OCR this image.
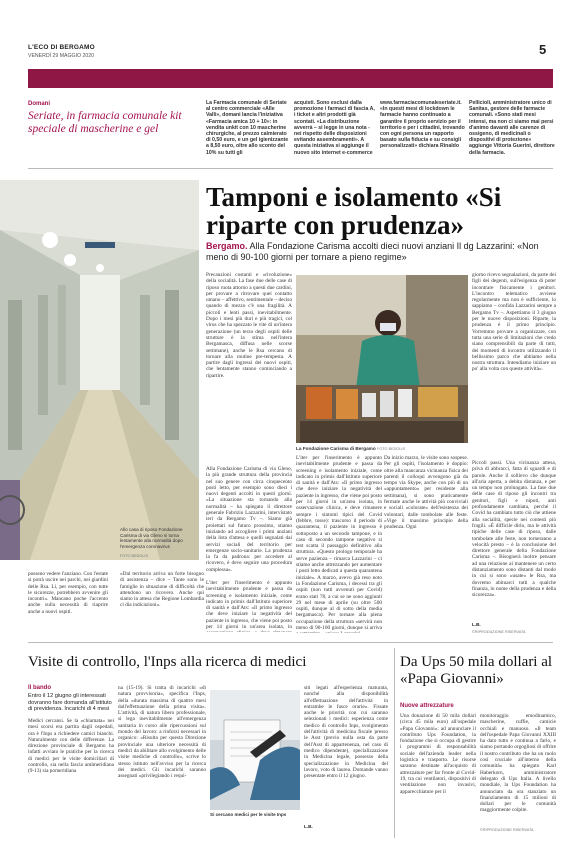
L'ECO DI BERGAMO
VENERDÌ 29 MAGGIO 2020	5
Domani
Seriate, in farmacia comunale kit speciale di mascherine e gel
La Farmacia comunale di Seriate al centro commerciale «Alle Valli», domani lancia l'iniziativa «Farmacia amica 10 + 10»: in vendita unkit con 10 mascherine chirurgiche, al prezzo calmierato di 0,50 euro, e un gel igienizzante a 8,50 euro, oltre allo sconto del 10% su tutti gli
acquisti. Sono esclusi dalla promozione i farmaci di fascia A, i ticket e altri prodotti già scontati. «La distribuzione avverrà – si legge in una nota - nei rispetto delle disposizioni evitando assembramenti». A questa iniziativa si aggiunge il nuovo sito internet e-commerce
www.farmaciacomunaleseriate.it. «In questi mesi di lockdown le farmacie hanno continuato a garantire il proprio servizio per il territorio e per i cittadini, trovando con ogni persona un rapporto basato sulla fiducia e su consigli personalizzati» dichiara Rinaldo
Pellicioli, amministratore unico di Sanitas, gestore delle farmacie comunali. «Sono stati mesi intensi, ma non ci siamo mai persi d'animo davanti alle carenze di ossigeno, di medicinali o dispositivi di protezione» aggiunge Vittoria Guerini, direttore della farmacia.
Allo casa di riposo Fondazione Carisma di via Gleno si torna lentamente alla normalità dopo l'emergenza coronavirus
FOTO BEDOLIS
posseno vedere l'anziano. Con l'estate si potrà uscire nei parchi, nei giardini delle Rsa. Lì, per esempio, con tutte le sicurezze, potrebbero avvenire gli incontri». Mancano poche l'accento anche sulla necessità di riaprire anche a nuovi ospiti.
Tamponi e isolamento «Si riparte con prudenza»
Bergamo. Alla Fondazione Carisma accolti dieci nuovi anziani Il dg Lazzarini: «Non meno di 90-100 giorni per tornare a pieno regime»
Precauzioni costanti e «rivoluzione» della socialità. La fase due delle case di riposo ruota attorno a questi due cardini, per provare a ritrovare quel contatto umano – affettivo, sentimentale – deciso quando di mezzo c'è una fragilità. A piccoli e lenti passi, inevitabilmente. Dopo i mesi più duri e più tragici, col virus che ha spezzato le vite di un'intera generazione (un terzo degli ospiti delle strutture è la stima nell'intera Bergamasca, diffusa nelle scorse settimane), anche le Rsa cercano di tornare alla routine pre-tempesta. A partire dagli ingressi dei nuovi ospiti, che lentamente stanno cominciando a ripartire.
Alla Fondazione Carisma di via Gleno, la più grande struttura della provincia nel suo genere con circa cinquecento posti letto, per esempio sono dieci i nuovi degenti accolti in questi giorni. «La situazione sta tornando alla normalità – ha spiegato il direttore generale Fabrizio Lazzarini, intervistato ieri da Bergamo Tv –. Siamo già proiettati sul futuro prossimo, stiamo iniziando ad accogliere i primi anziani della lista d'attesa e quelli segnalati dai servizi sociali del territorio per emergenze socio-sanitarie. La prudenza la fa da padrona: per accedere al ricovero, è deve seguire una procedura complessa».
«Dal territorio arriva un forte bisogno di assistenza – dice – Tante sono le famiglie in situazione di difficoltà che attendono un ricovero. Anche qui siamo in attesa che Regione Lombardia ci dia indicazioni».
L'iter per l'inserimento è appunto inevitabilmente prudente e passa da screening e isolamento iniziale, come indicato in primis dall'Istituto superiore di sanità e dall'Ats: «Il primo ingresso che deve iniziare la negatività del paziente in ingresso, che viene poi posto per 14 giorni in un'area isolata, in
La Fondazione Carisma di Bergamo FOTO BEDOLIS
L'iter per l'inserimento è appunto inevitabilmente prudente e passa da screening e isolamento iniziale, come indicato in primis dall'Istituto superiore di sanità e dall'Ats: «Il primo ingresso che deve iniziare la negatività del paziente in ingresso, che viene poi posto per 14 giorni in un'area isolata, in osservazione clinica, e deve rimanere sempre i sintomi tipici del Covid (febbre, tosse): trascorso il periodo di quarantena, il paziente in ingresso è sottoposto a un secondo tampone, e in caso di secondo tampone negativo si test scatta il passaggio definitivo alla struttura. «Questo prologo temporale ha serve pazienza – rimarca Lazzarini – ci stiamo anche attrezzando per aumentare i posti letto dedicati a questa quarantena iniziale». A marzo, avevo già reso noto la Fondazione Carisma, i decessi tra gli ospiti (non tutti avvenuti per Covid) erano stati 78, a cui se ne sono aggiunti 29 nel mese di aprile (su oltre 500 ospiti, dunque al di sotto della media bergamasca). Per tornare alla piena occupazione della struttura «servirà non meno di 90-100 giorni, dunque si arriva
Da inizio marzo, le visite sono sospese. Per gli ospiti, l'isolamento è doppio: oltre alla mancanza vicinanza fisica dei parenti il colloqui avvengono già da tempo via Skype, anche con più di un «appuntamento» per residente alla settimana), si sono praticamente fermate anche le attività più conviviali e sociali «colorate» dell'esistenza dei volontari, dalle tombolate alle feste. «Vige il massimo principio della prudenza. Ogni
giorno ricevo segnalazioni, da parte dei figli dei degenti, sull'esigenza di poter incontrare fisicamente i genitori. L'incontro telematico avviene regolarmente ma non è sufficiente, lo sappiamo – confida Lazzarini sempre a Bergamo Tv –. Aspettiamo il 3 giugno per le nuove disposizioni. Riparte, la prudenza è il primo principio. Vorremmo provare a organizzare, con tutta una serie di limitazioni che credo siano comprensibili da parte di tutti, dei momenti di incontro utilizzando il bellissimo parco che abbiamo nella nostra struttura. Intendiamo iniziare un po' alla volta con queste attività».
Piccoli passi. Una vicinanza attesa, priva di abbracci, fatta di sguardi e di parole. Anche il sollievo che dunque all'aria aperta, a debita distanza, e per un tempo non prolungato. La fase due delle case di riposo gli incontri tra genitori, figli e nipoti, anti profondamente cambiata, perché il Covid ha cambiato tutto ciò che attiene alla socialità, specie nei contesti più fragili. «È difficile dirlo, ma le attività tipiche delle case di riposo, dalle tombolate alle feste, non torneranno a velocità presto – è la conclusione del direttore generale della Fondazione Carisma –. Bisognerà inoltre pensare ad una relazione ai mantenere un certo distanziamento sono distanti dal modo in cui si sono «usate» le Rsa, ma dovremo abituarci tutti a qualche finanza, in nome della prudenza e della sicurezza».
L.B.
©RIPRODUZIONE RISERVATA
Visite di controllo, l'Inps alla ricerca di medici
Il bando
Entro il 12 giugno gli interessati dovranno fare domanda all'istituto di previdenza. Incarichi di 4 mesi
Medici cercansi. Se la «chiamata» nei mesi scorsi era partita dagli ospedali, ora è l'Inps a richiedere camici bianchi. Naturalmente con delle differenze. La direzione provinciale di Bergamo ha infatti avviato le pratiche per la ricerca di medici per le visite domiciliari di controllo, sia nella fascia antimeridiana (9-13) sia pomeridiana
na (15-19). Si tratta di incarichi «di natura provvisoria», specifica l'Inps, della «durata massima di quattro mesi dall'effettuazione della prima visita». L'attività, di natura libero professionale, si lega inevitabilmente all'emergenza sanitaria in corso alle ripercussioni sul mondo del lavoro: a rinforzi necessari in organico: «Risulta per questa Direzione provinciale una ulteriore necessità di medici da abilitare allo svolgimento delle visite mediche di controllo», scrive lo stesso istituto nell'avviso per la ricerca dei medici. Gli incarichi saranno assegnati «privilegiando i requi-
Si cercano medici per le visite Inps
siti legati all'esperienza maturata, nonché alla disponibilità all'effettuazione dell'attività in entrambe le fasce orarie». Fissate anche le priorità con cui saranno selezionati i medici: esperienza come medico di controllo Inps, svolgimento dell'attività di medicina fiscale presso le Asst (previo nulla osta da parte dell'Asst di appartenenza, nel caso di medico dipendente), specializzazione in Medicina legale, possesso della specializzazione in Medicina del lavoro, voto di laurea. Domande vanno presentate entro il 12 giugno.
L.B.
Da Ups 50 mila dollari al «Papa Giovanni»
Nuove attrezzature
Una donazione di 50 mila dollari (circa 45 mila euro) all'ospedale «Papa Giovanni»: ad annunciare il contributo Ups Foundation, la fondazione che si occupa di gestire i programmi di responsabilità sociale dell'azienda leader nella logistica e trasporto. Le risorse saranno destinate all'acquisto di attrezzature per far fronte al Covid-19, tra cui ventilatori, dispositivi di ventilazione non invasivi, apparecchiature per il
monitoraggio emodinamico, mascherine, cuffie, camicie occhiali e manuoso. «Il team dell'ospedale Papa Giovanni XXIII ha dato tutto e continua a farlo, e siamo portando orgogliosi di offrire il nostro contributo che ha un ruolo così cruciale all'interno della comunità» ha spiegato Karl Haberkorn, amministratore delegato di Ups Italia. A livello mondiale, la Ups Foundation ha annunciato da ora stanziato un finanziamento di 15 milioni di dollari per le comunità maggiormente colpite.
©RIPRODUZIONE RISERVATA
